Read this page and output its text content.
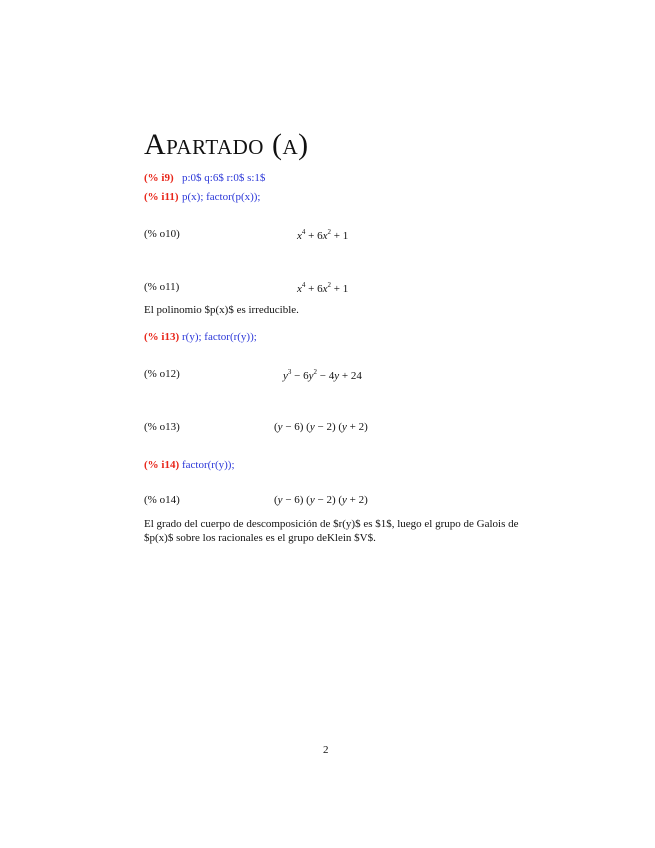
Apartado (a)
(% i9) p:0$ q:6$ r:0$ s:1$
(% i11) p(x); factor(p(x));
(% o10)	$x^4 + 6x^2 + 1$
(% o11)	$x^4 + 6x^2 + 1$
El polinomio $p(x)$ es irreducible.
(% i13) r(y); factor(r(y));
(% o12)	$y^3 - 6y^2 - 4y + 24$
(% o13)	(y − 6) (y − 2) (y + 2)
(% i14) factor(r(y));
(% o14)	(y − 6) (y − 2) (y + 2)
El grado del cuerpo de descomposición de $r(y)$ es $1$, luego el grupo de Galois de $p(x)$ sobre los racionales es el grupo deKlein $V$.
2
